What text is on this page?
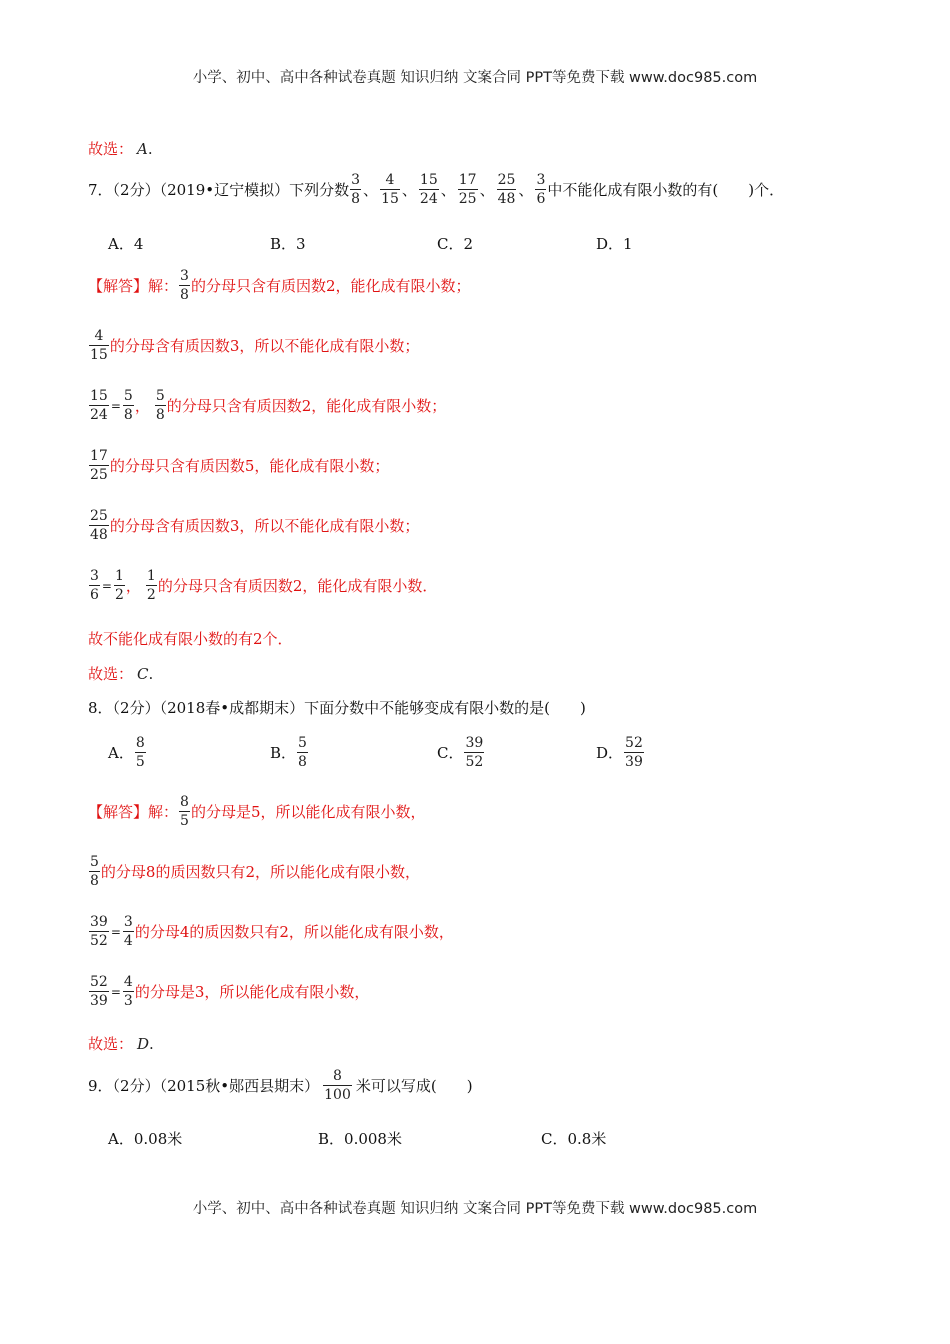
小学、初中、高中各种试卷真题 知识归纳 文案合同 PPT等免费下载 www.doc985.com
故选： A .
7．（2分）（2019•辽宁模拟）下列分数 $\frac{3}{8}$ 、 $\frac{4}{15}$ 、 $\frac{15}{24}$ 、 $\frac{17}{25}$ 、 $\frac{25}{48}$ 、 $\frac{3}{6}$ 中不能化成有限小数的有(　　)个．
A．4	B．3	C．2	D．1
【解答】解： $\frac{3}{8}$ 的分母只含有质因数2，能化成有限小数；
$\frac{4}{15}$ 的分母含有质因数3，所以不能化成有限小数；
$\frac{15}{24} = \frac{5}{8}$ ， $\frac{5}{8}$ 的分母只含有质因数2，能化成有限小数；
$\frac{17}{25}$ 的分母只含有质因数5，能化成有限小数；
$\frac{25}{48}$ 的分母含有质因数3，所以不能化成有限小数；
$\frac{3}{6} = \frac{1}{2}$ ， $\frac{1}{2}$ 的分母只含有质因数2，能化成有限小数．
故不能化成有限小数的有2个．
故选： C .
8．（2分）（2018春•成都期末）下面分数中不能够变成有限小数的是(　　)
A． $\frac{8}{5}$	B． $\frac{5}{8}$	C． $\frac{39}{52}$	D． $\frac{52}{39}$
【解答】解： $\frac{8}{5}$ 的分母是5，所以能化成有限小数，
$\frac{5}{8}$ 的分母8的质因数只有2，所以能化成有限小数，
$\frac{39}{52} = \frac{3}{4}$ 的分母4的质因数只有2，所以能化成有限小数，
$\frac{52}{39} = \frac{4}{3}$ 的分母是3，所以能化成有限小数，
故选： D .
9．（2分）（2015秋•郧西县期末） $\frac{8}{100}$ 米可以写成(　　)
A．0.08米	B．0.008米	C．0.8米
小学、初中、高中各种试卷真题 知识归纳 文案合同 PPT等免费下载 www.doc985.com
